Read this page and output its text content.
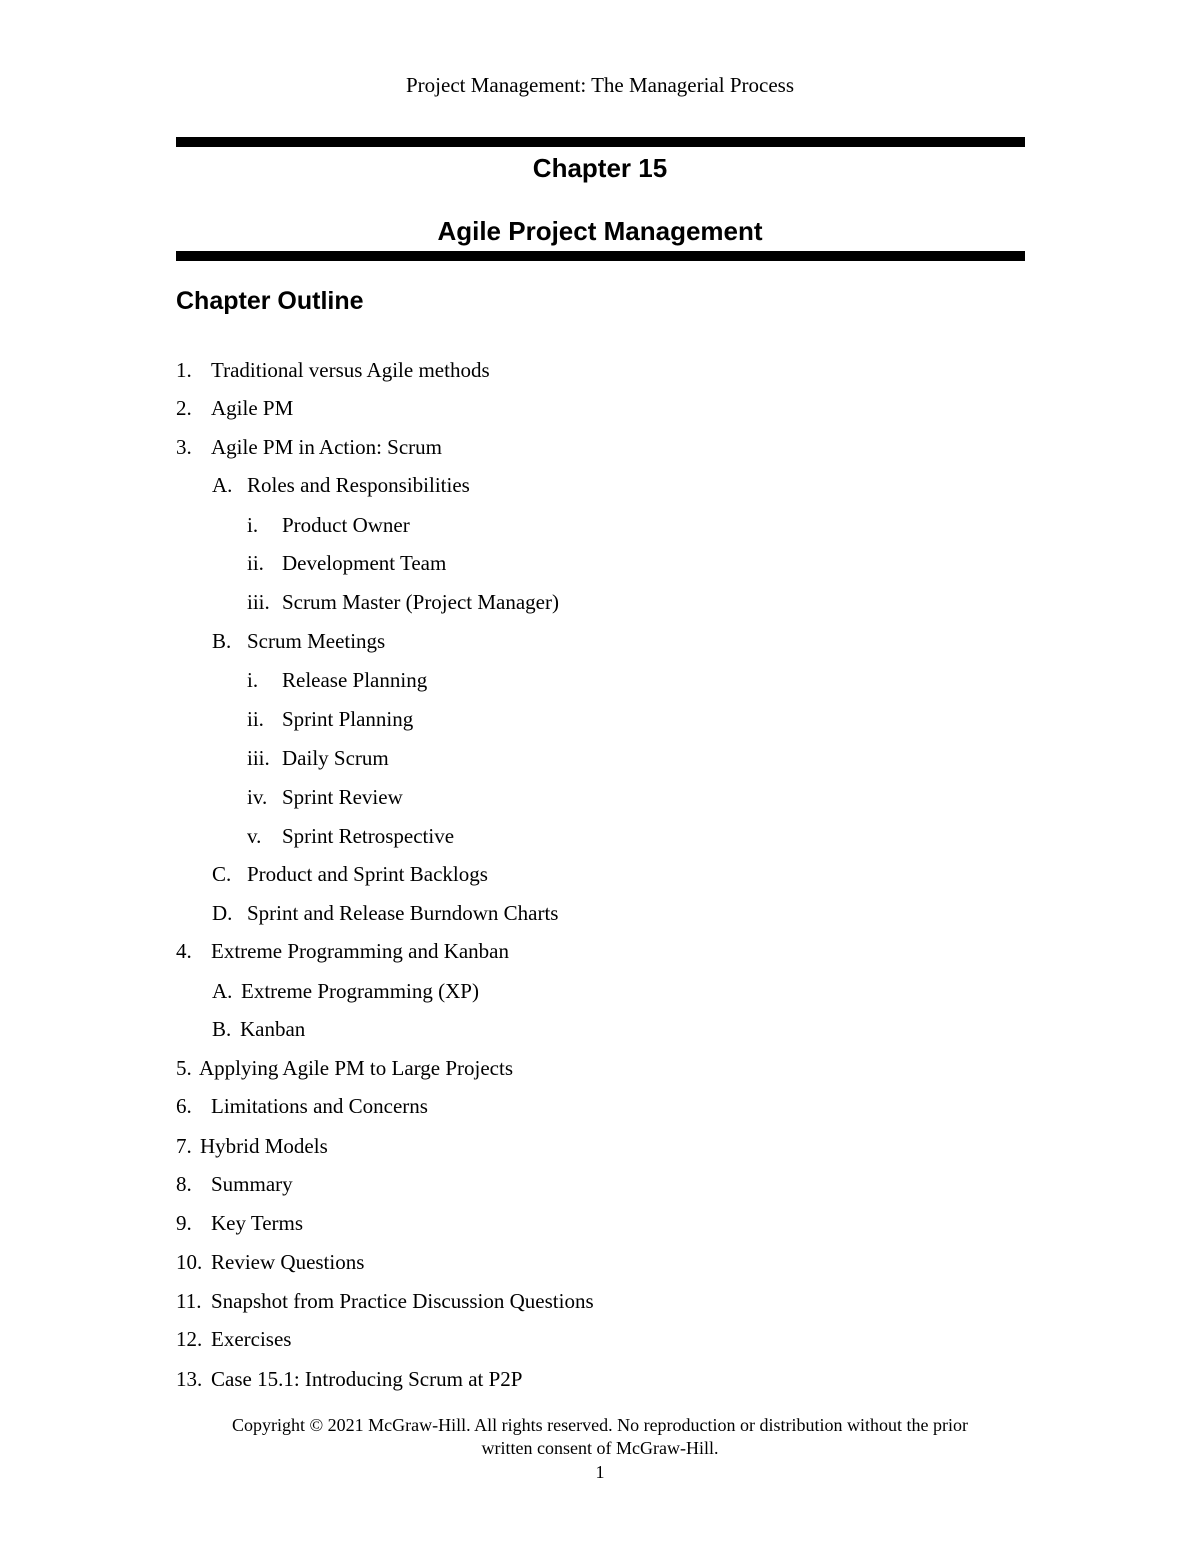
Project Management: The Managerial Process
Chapter 15
Agile Project Management
Chapter Outline
1. Traditional versus Agile methods
2. Agile PM
3. Agile PM in Action: Scrum
A. Roles and Responsibilities
i. Product Owner
ii. Development Team
iii. Scrum Master (Project Manager)
B. Scrum Meetings
i. Release Planning
ii. Sprint Planning
iii. Daily Scrum
iv. Sprint Review
v. Sprint Retrospective
C. Product and Sprint Backlogs
D. Sprint and Release Burndown Charts
4. Extreme Programming and Kanban
A. Extreme Programming (XP)
B. Kanban
5. Applying Agile PM to Large Projects
6. Limitations and Concerns
7. Hybrid Models
8. Summary
9. Key Terms
10. Review Questions
11. Snapshot from Practice Discussion Questions
12. Exercises
13. Case 15.1: Introducing Scrum at P2P
Copyright © 2021 McGraw-Hill. All rights reserved. No reproduction or distribution without the prior
written consent of McGraw-Hill.
1
